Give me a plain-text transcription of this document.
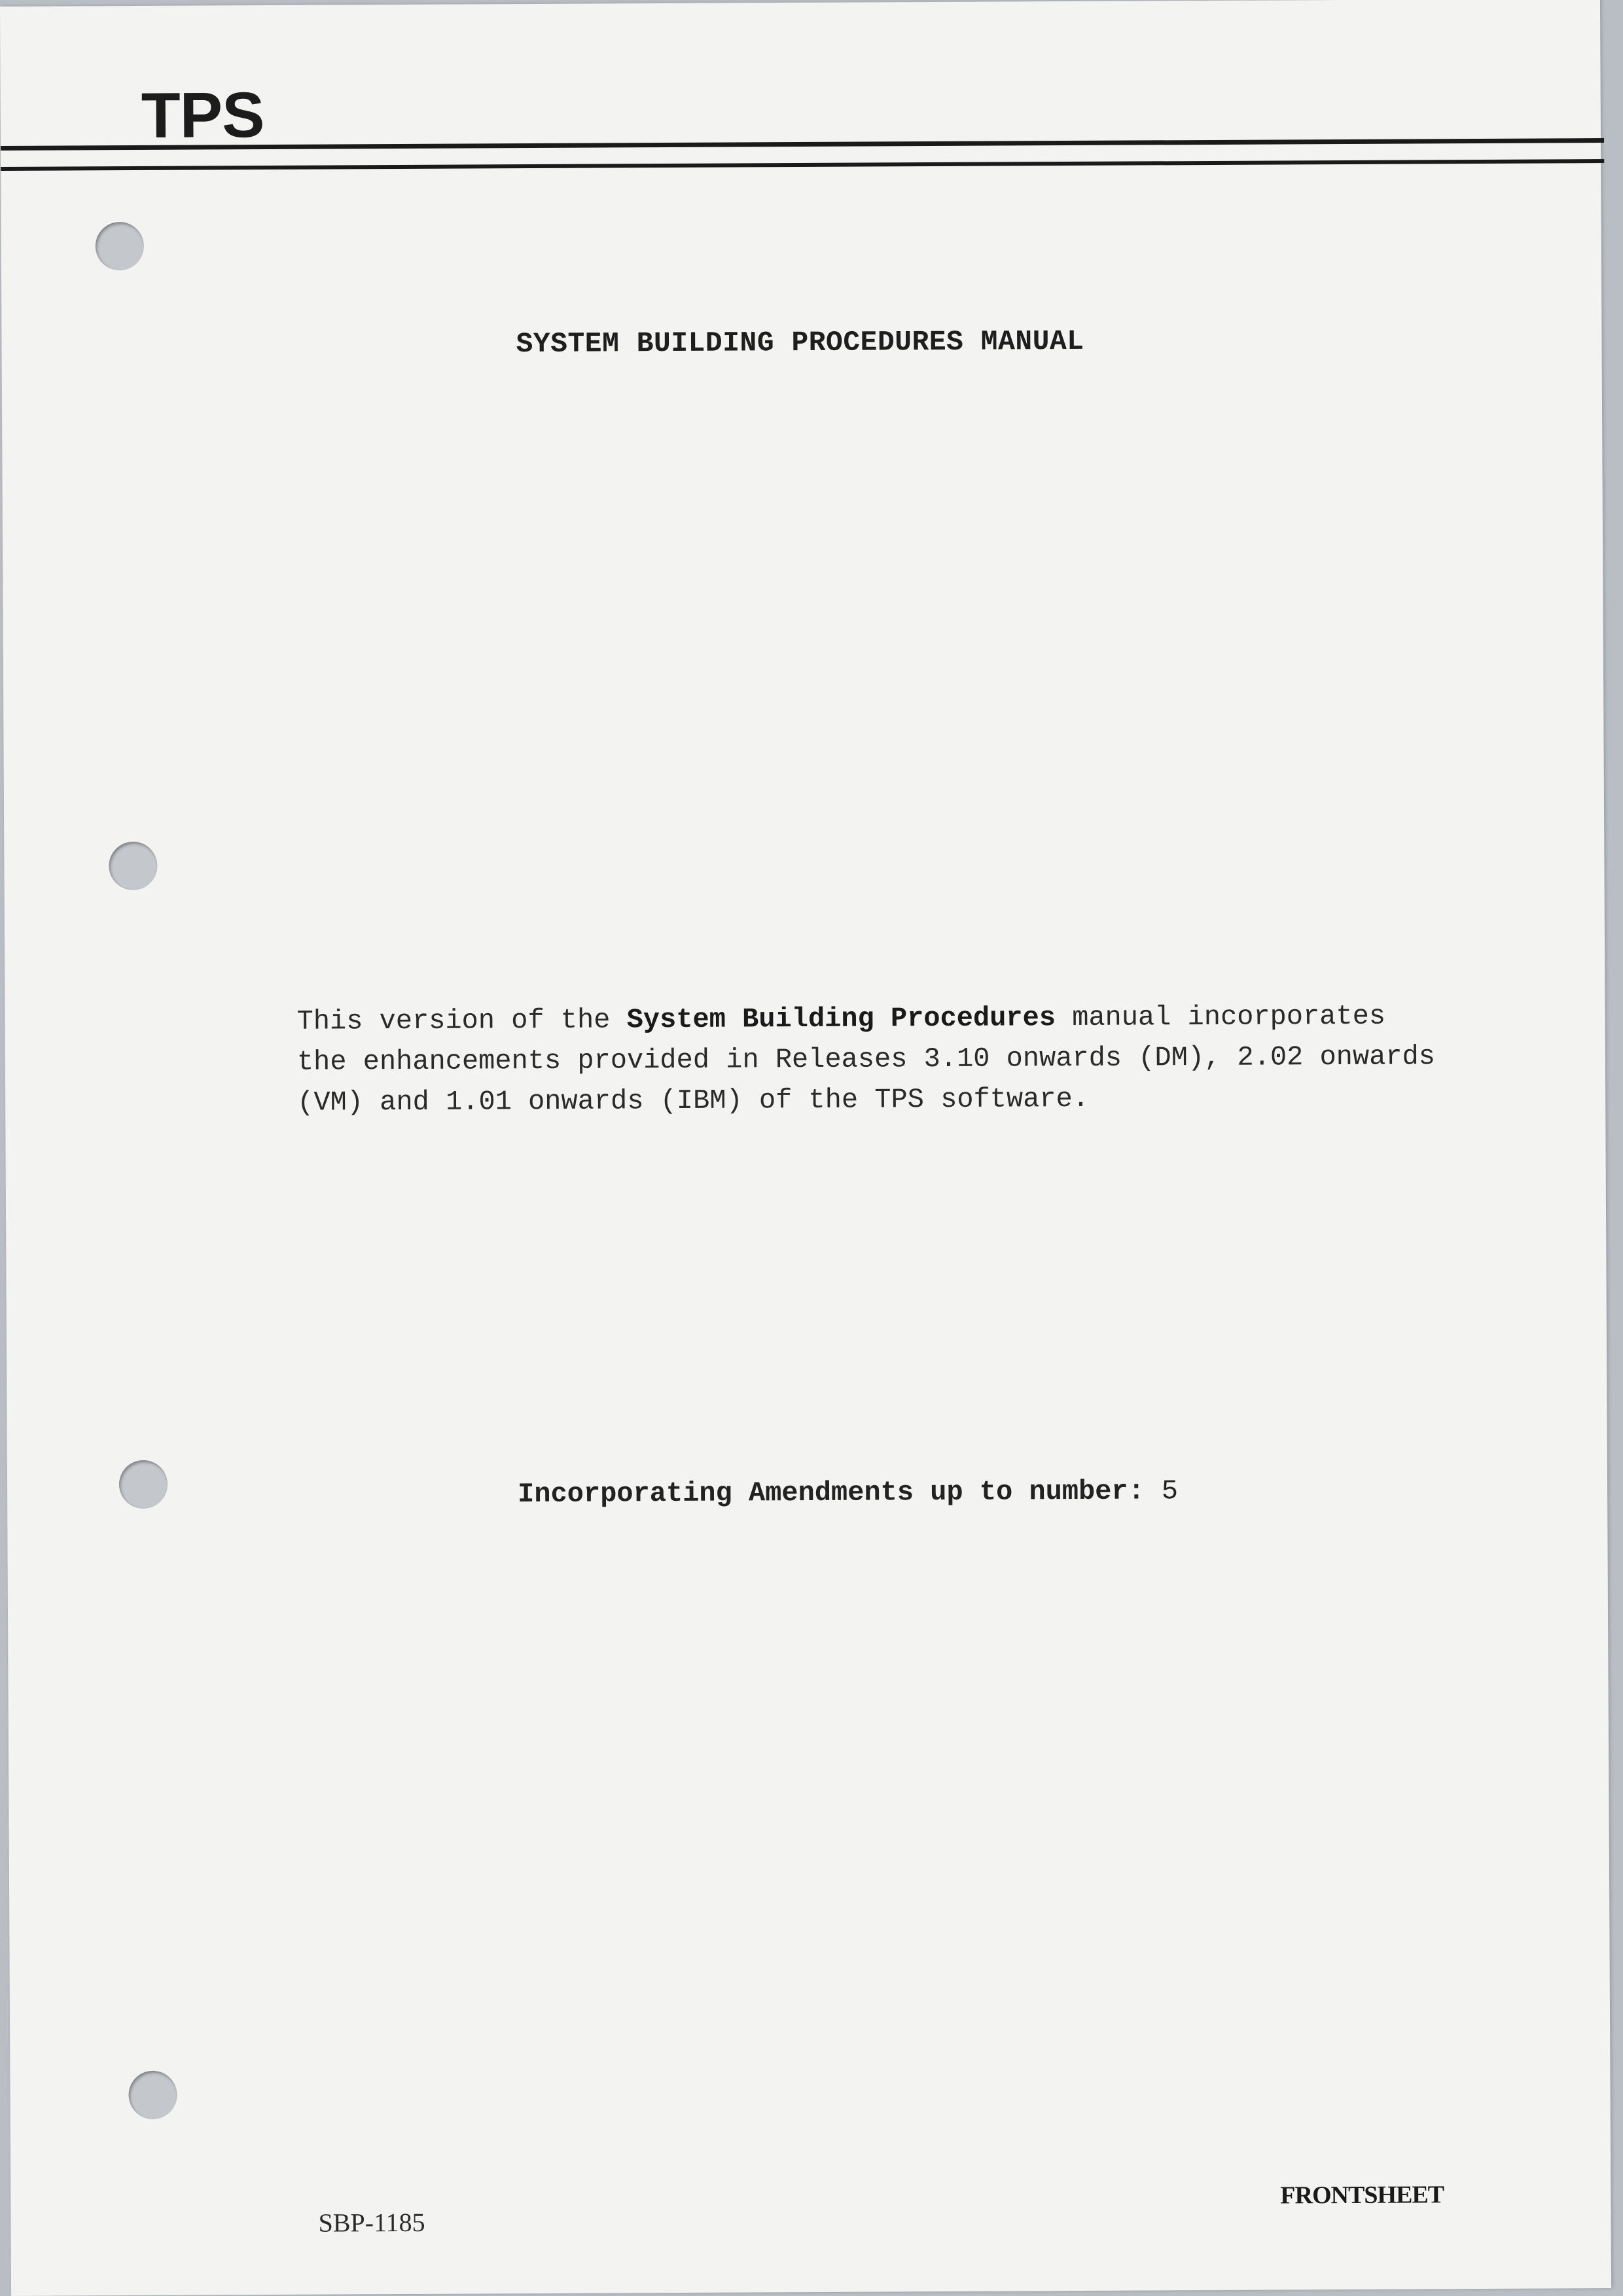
TPS
SYSTEM BUILDING PROCEDURES MANUAL

This version of the System Building Procedures manual incorporates
the enhancements provided in Releases 3.10 onwards (DM), 2.02 onwards
(VM) and 1.01 onwards (IBM) of the TPS software.

Incorporating Amendments up to number: 5

SBP-1185

FRONTSHEET
